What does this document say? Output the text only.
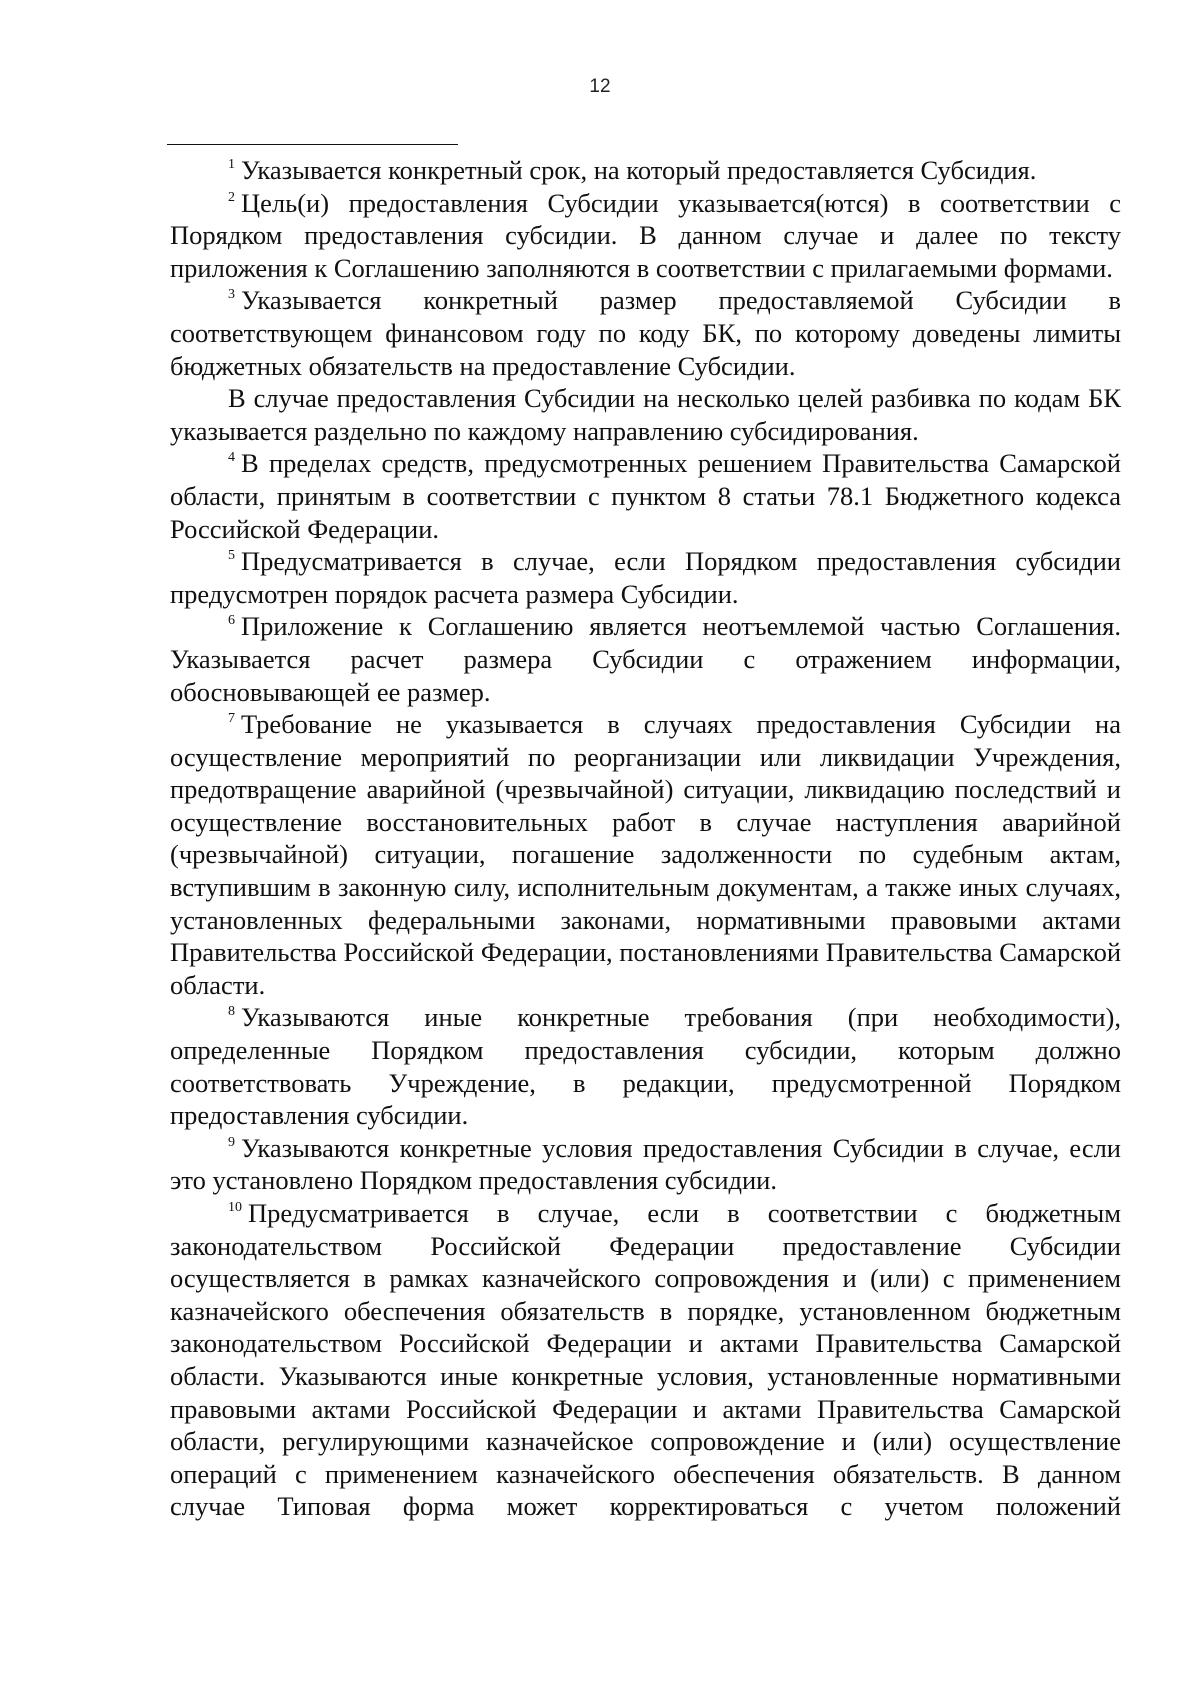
12

$^1$ Указывается конкретный срок, на который предоставляется Субсидия.

$^2$ Цель(и) предоставления Субсидии указывается(ются) в соответствии с Порядком предоставления субсидии. В данном случае и далее по тексту приложения к Соглашению заполняются в соответствии с прилагаемыми формами.

$^3$ Указывается конкретный размер предоставляемой Субсидии в соответствующем финансовом году по коду БК, по которому доведены лимиты бюджетных обязательств на предоставление Субсидии.

В случае предоставления Субсидии на несколько целей разбивка по кодам БК указывается раздельно по каждому направлению субсидирования.

$^4$ В пределах средств, предусмотренных решением Правительства Самарской области, принятым в соответствии с пунктом 8 статьи 78.1 Бюджетного кодекса Российской Федерации.

$^5$ Предусматривается в случае, если Порядком предоставления субсидии предусмотрен порядок расчета размера Субсидии.

$^6$ Приложение к Соглашению является неотъемлемой частью Соглашения. Указывается расчет размера Субсидии с отражением информации, обосновывающей ее размер.

$^7$ Требование не указывается в случаях предоставления Субсидии на осуществление мероприятий по реорганизации или ликвидации Учреждения, предотвращение аварийной (чрезвычайной) ситуации, ликвидацию последствий и осуществление восстановительных работ в случае наступления аварийной (чрезвычайной) ситуации, погашение задолженности по судебным актам, вступившим в законную силу, исполнительным документам, а также иных случаях, установленных федеральными законами, нормативными правовыми актами Правительства Российской Федерации, постановлениями Правительства Самарской области.

$^8$ Указываются иные конкретные требования (при необходимости), определенные Порядком предоставления субсидии, которым должно соответствовать Учреждение, в редакции, предусмотренной Порядком предоставления субсидии.

$^9$ Указываются конкретные условия предоставления Субсидии в случае, если это установлено Порядком предоставления субсидии.

$^{10}$ Предусматривается в случае, если в соответствии с бюджетным законодательством Российской Федерации предоставление Субсидии осуществляется в рамках казначейского сопровождения и (или) с применением казначейского обеспечения обязательств в порядке, установленном бюджетным законодательством Российской Федерации и актами Правительства Самарской области. Указываются иные конкретные условия, установленные нормативными правовыми актами Российской Федерации и актами Правительства Самарской области, регулирующими казначейское сопровождение и (или) осуществление операций с применением казначейского обеспечения обязательств. В данном случае Типовая форма может корректироваться с учетом положений
